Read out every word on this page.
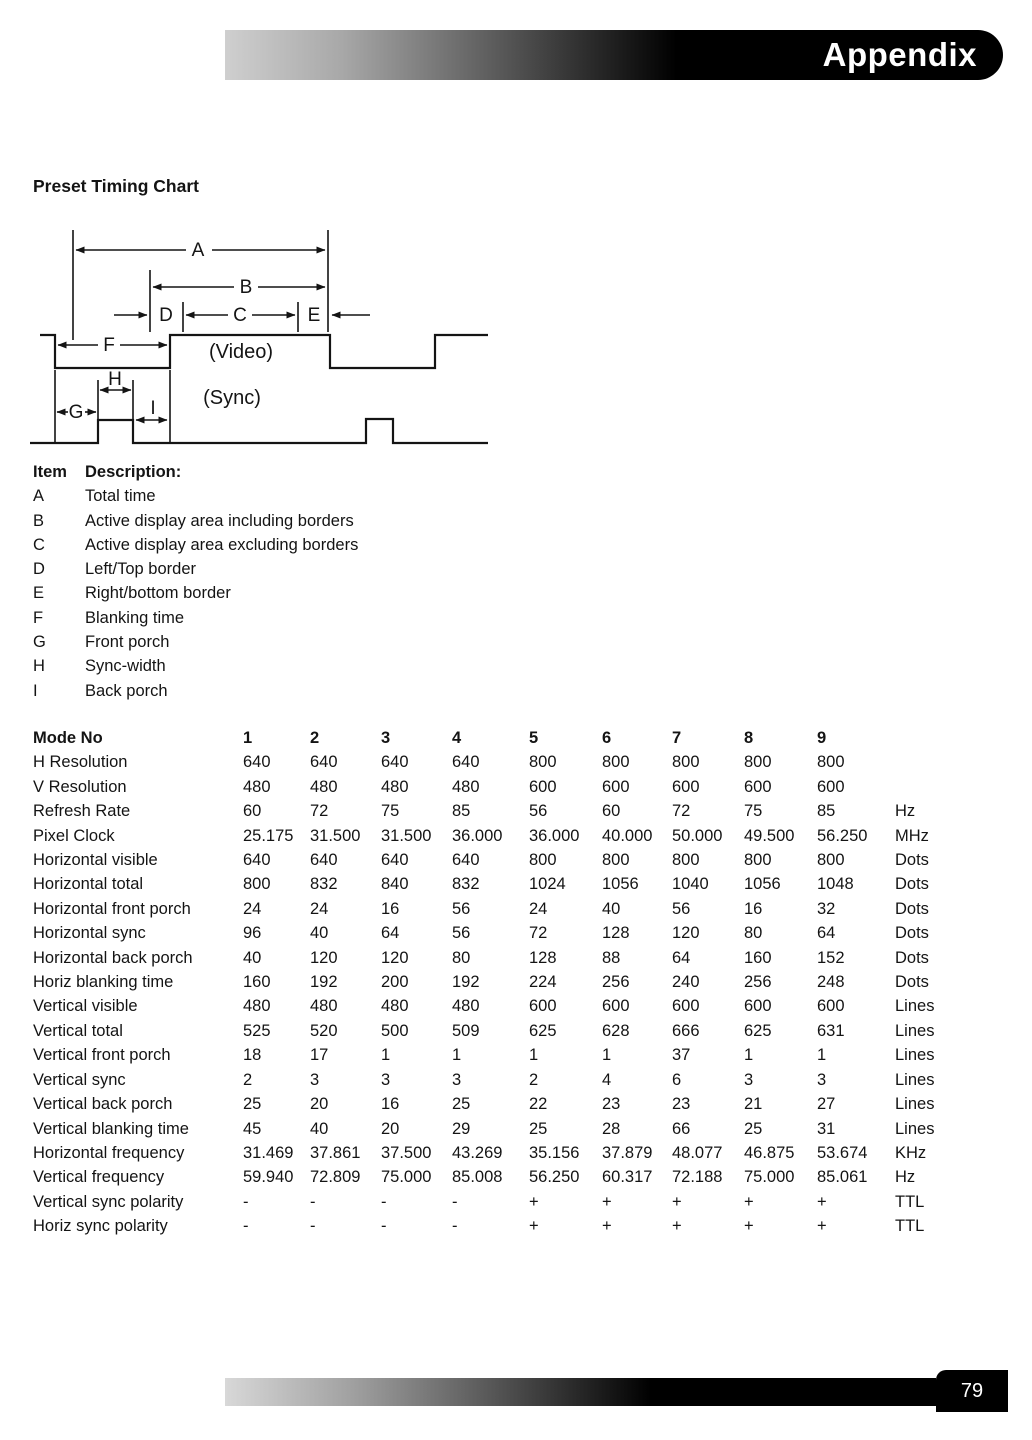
Appendix
Preset Timing Chart
A
B
D	C	E
F
G
H
I
(Video)
(Sync)
Item	Description:
A	Total time
B	Active display area including borders
C	Active display area excluding borders
D	Left/Top border
E	Right/bottom border
F	Blanking time
G	Front porch
H	Sync-width
I	Back porch
Mode No	1	2	3	4	5	6	7	8	9	
H Resolution	640	640	640	640	800	800	800	800	800	
V Resolution	480	480	480	480	600	600	600	600	600	
Refresh Rate	60	72	75	85	56	60	72	75	85	Hz
Pixel Clock	25.175	31.500	31.500	36.000	36.000	40.000	50.000	49.500	56.250	MHz
Horizontal visible	640	640	640	640	800	800	800	800	800	Dots
Horizontal total	800	832	840	832	1024	1056	1040	1056	1048	Dots
Horizontal front porch	24	24	16	56	24	40	56	16	32	Dots
Horizontal sync	96	40	64	56	72	128	120	80	64	Dots
Horizontal back porch	40	120	120	80	128	88	64	160	152	Dots
Horiz blanking time	160	192	200	192	224	256	240	256	248	Dots
Vertical visible	480	480	480	480	600	600	600	600	600	Lines
Vertical total	525	520	500	509	625	628	666	625	631	Lines
Vertical front porch	18	17	1	1	1	1	37	1	1	Lines
Vertical sync	2	3	3	3	2	4	6	3	3	Lines
Vertical back porch	25	20	16	25	22	23	23	21	27	Lines
Vertical blanking time	45	40	20	29	25	28	66	25	31	Lines
Horizontal frequency	31.469	37.861	37.500	43.269	35.156	37.879	48.077	46.875	53.674	KHz
Vertical frequency	59.940	72.809	75.000	85.008	56.250	60.317	72.188	75.000	85.061	Hz
Vertical sync polarity	-	-	-	-	+	+	+	+	+	TTL
Horiz sync polarity	-	-	-	-	+	+	+	+	+	TTL
79
